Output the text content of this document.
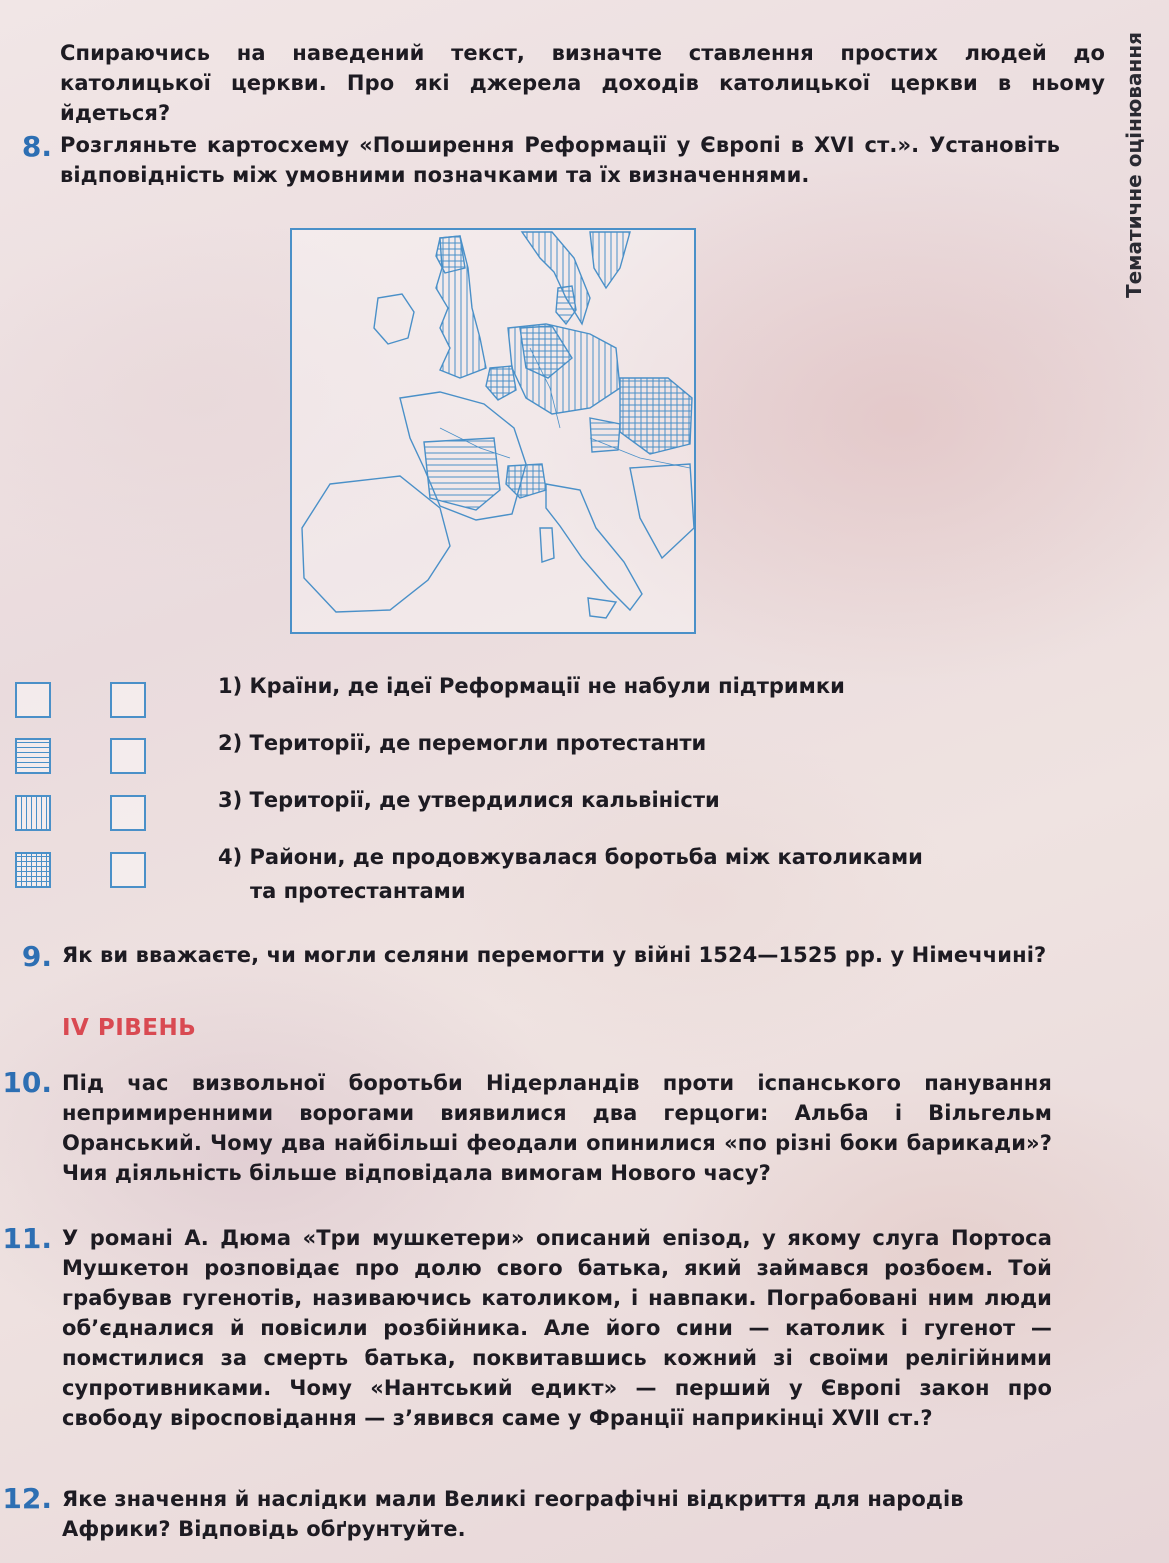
Тематичне оцінювання
Спираючись на наведений текст, визначте ставлення простих людей до католицької церкви. Про які джерела доходів католицької церкви в ньому йдеться?
8. Розгляньте картосхему «Поширення Реформації у Європі в XVI ст.». Установіть відповідність між умовними позначками та їх визначеннями.
1) Країни, де ідеї Реформації не набули підтримки
2) Території, де перемогли протестанти
3) Території, де утвердилися кальвіністи
4) Райони, де продовжувалася боротьба між католиками
та протестантами
9. Як ви вважаєте, чи могли селяни перемогти у війні 1524—1525 рр. у Німеччині?
IV РІВЕНЬ
10. Під час визвольної боротьби Нідерландів проти іспанського панування непримиренними ворогами виявилися два герцоги: Альба і Вільгельм Оранський. Чому два найбільші феодали опинилися «по різні боки барикади»? Чия діяльність більше відповідала вимогам Нового часу?
11. У романі А. Дюма «Три мушкетери» описаний епізод, у якому слуга Портоса Мушкетон розповідає про долю свого батька, який займався розбоєм. Той грабував гугенотів, називаючись католиком, і навпаки. Пограбовані ним люди об’єдналися й повісили розбійника. Але його сини — католик і гугенот — помстилися за смерть батька, поквитавшись кожний зі своїми релігійними супротивниками. Чому «Нантський едикт» — перший у Європі закон про свободу віросповідання — з’явився саме у Франції наприкінці XVII ст.?
12. Яке значення й наслідки мали Великі географічні відкриття для народів Африки? Відповідь обґрунтуйте.
